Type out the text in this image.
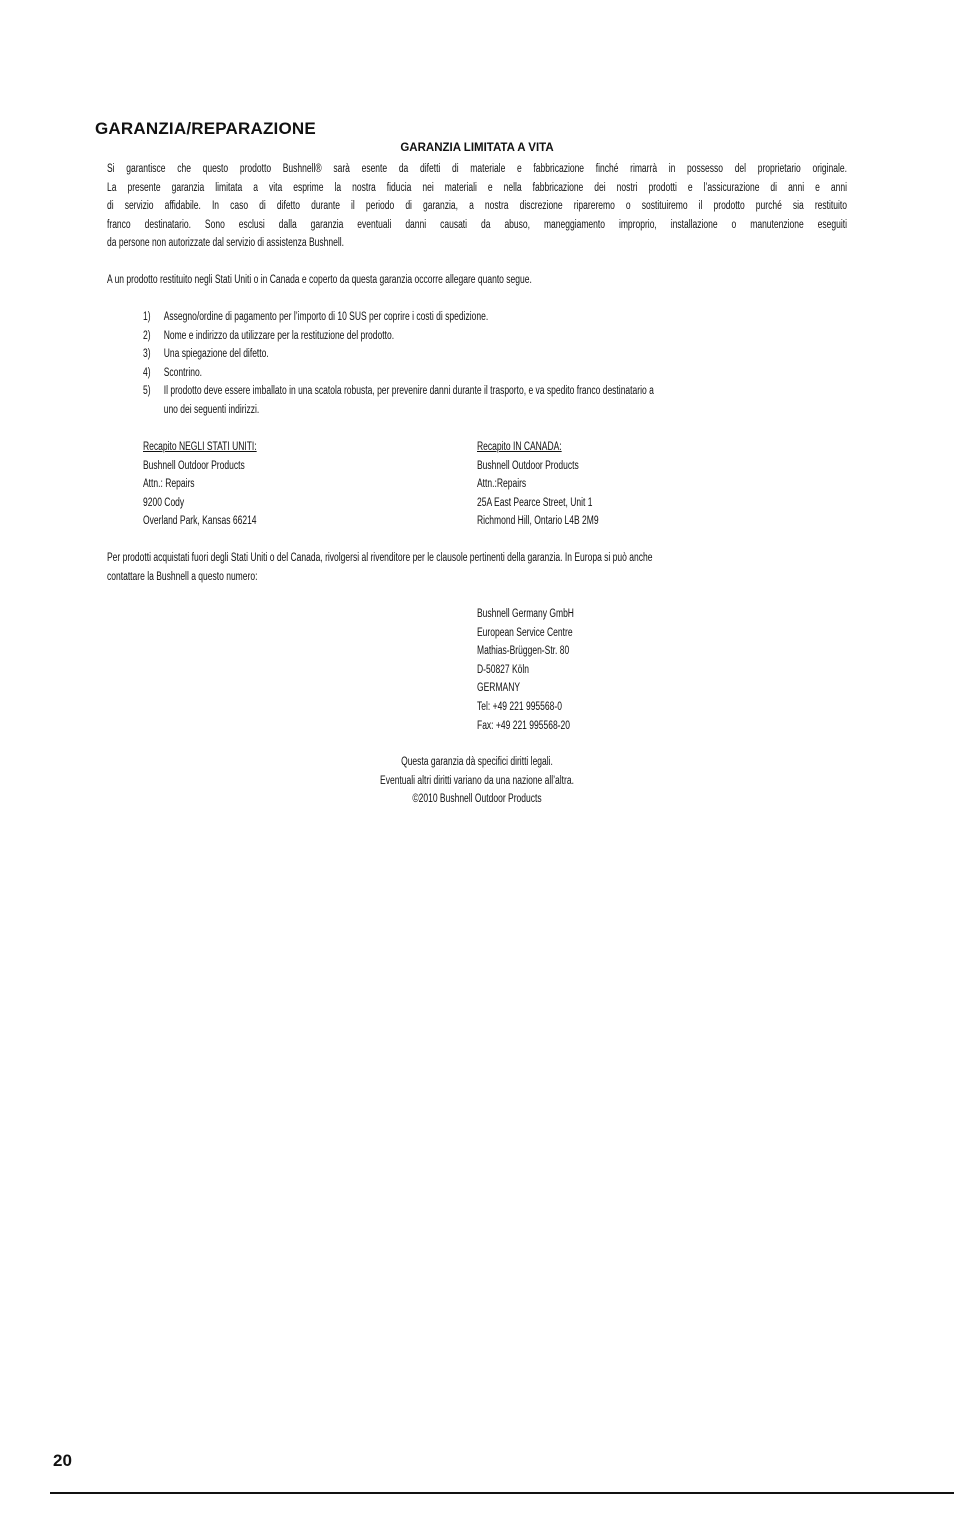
GARANZIA/REPARAZIONE
GARANZIA LIMITATA A VITA
Si garantisce che questo prodotto Bushnell® sarà esente da difetti di materiale e fabbricazione finché rimarrà in possesso del proprietario originale.
La presente garanzia limitata a vita esprime la nostra fiducia nei materiali e nella fabbricazione dei nostri prodotti e l’assicurazione di anni e anni
di servizio affidabile. In caso di difetto durante il periodo di garanzia, a nostra discrezione ripareremo o sostituiremo il prodotto purché sia restituito
franco destinatario. Sono esclusi dalla garanzia eventuali danni causati da abuso, maneggiamento improprio, installazione o manutenzione eseguiti
da persone non autorizzate dal servizio di assistenza Bushnell.

A un prodotto restituito negli Stati Uniti o in Canada e coperto da questa garanzia occorre allegare quanto segue.

1)	Assegno/ordine di pagamento per l’importo di 10 SUS per coprire i costi di spedizione.
2)	Nome e indirizzo da utilizzare per la restituzione del prodotto.
3)	Una spiegazione del difetto.
4)	Scontrino.
5)	Il prodotto deve essere imballato in una scatola robusta, per prevenire danni durante il trasporto, e va spedito franco destinatario a
uno dei seguenti indirizzi.
Recapito NEGLI STATI UNITI:
Bushnell Outdoor Products
Attn.: Repairs
9200 Cody
Overland Park, Kansas 66214
Recapito IN CANADA:
Bushnell Outdoor Products
Attn.:Repairs
25A East Pearce Street, Unit 1
Richmond Hill, Ontario L4B 2M9
Per prodotti acquistati fuori degli Stati Uniti o del Canada, rivolgersi al rivenditore per le clausole pertinenti della garanzia. In Europa si può anche
contattare la Bushnell a questo numero:
Bushnell Germany GmbH
European Service Centre
Mathias-Brüggen-Str. 80
D-50827 Köln
GERMANY
Tel: +49 221 995568-0
Fax: +49 221 995568-20
Questa garanzia dà specifici diritti legali.
Eventuali altri diritti variano da una nazione all’altra.
©2010 Bushnell Outdoor Products
20
